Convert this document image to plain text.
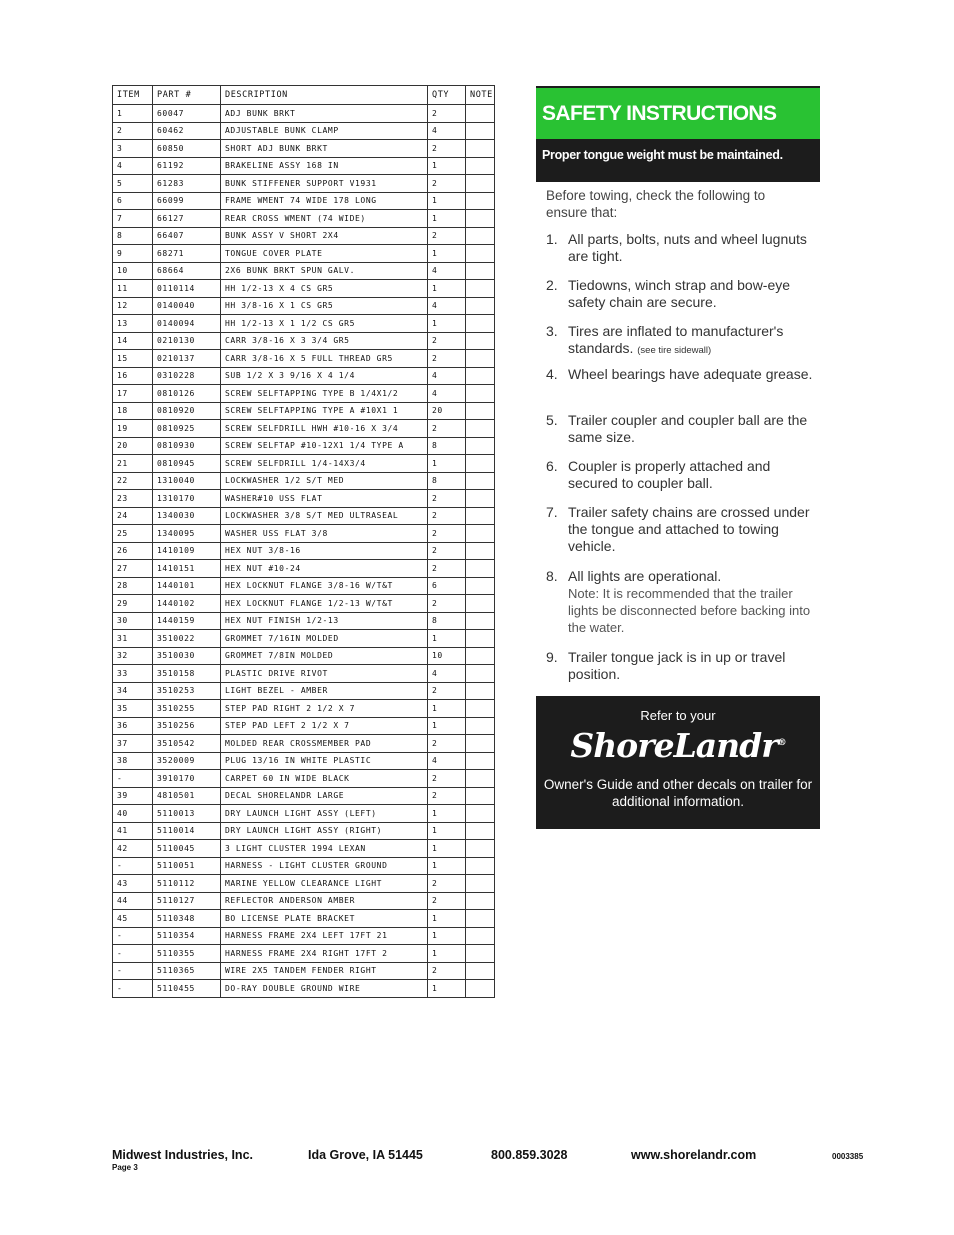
ITEM	PART #	DESCRIPTION	QTY	NOTE
1	60047	ADJ BUNK BRKT	2	
2	60462	ADJUSTABLE BUNK CLAMP	4	
3	60850	SHORT ADJ BUNK BRKT	2	
4	61192	BRAKELINE ASSY 168 IN	1	
5	61283	BUNK STIFFENER SUPPORT V1931	2	
6	66099	FRAME WMENT 74 WIDE 178 LONG	1	
7	66127	REAR CROSS WMENT (74 WIDE)	1	
8	66407	BUNK ASSY V SHORT 2X4	2	
9	68271	TONGUE COVER PLATE	1	
10	68664	2X6 BUNK BRKT SPUN GALV.	4	
11	0110114	HH 1/2-13 X 4 CS GR5	1	
12	0140040	HH 3/8-16 X 1 CS GR5	4	
13	0140094	HH 1/2-13 X 1 1/2 CS GR5	1	
14	0210130	CARR 3/8-16 X 3 3/4 GR5	2	
15	0210137	CARR 3/8-16 X 5 FULL THREAD GR5	2	
16	0310228	SUB 1/2 X 3 9/16 X 4 1/4	4	
17	0810126	SCREW SELFTAPPING TYPE B 1/4X1/2	4	
18	0810920	SCREW SELFTAPPING TYPE A #10X1 1	20	
19	0810925	SCREW SELFDRILL HWH #10-16 X 3/4	2	
20	0810930	SCREW SELFTAP #10-12X1 1/4 TYPE A	8	
21	0810945	SCREW SELFDRILL 1/4-14X3/4	1	
22	1310040	LOCKWASHER 1/2 S/T MED	8	
23	1310170	WASHER#10 USS FLAT	2	
24	1340030	LOCKWASHER 3/8 S/T MED ULTRASEAL	2	
25	1340095	WASHER USS FLAT 3/8	2	
26	1410109	HEX NUT 3/8-16	2	
27	1410151	HEX NUT #10-24	2	
28	1440101	HEX LOCKNUT FLANGE 3/8-16 W/T&T	6	
29	1440102	HEX LOCKNUT FLANGE 1/2-13 W/T&T	2	
30	1440159	HEX NUT FINISH 1/2-13	8	
31	3510022	GROMMET 7/16IN MOLDED	1	
32	3510030	GROMMET 7/8IN MOLDED	10	
33	3510158	PLASTIC DRIVE RIVOT	4	
34	3510253	LIGHT BEZEL - AMBER	2	
35	3510255	STEP PAD RIGHT 2 1/2 X 7	1	
36	3510256	STEP PAD LEFT 2 1/2 X 7	1	
37	3510542	MOLDED REAR CROSSMEMBER PAD	2	
38	3520009	PLUG 13/16 IN WHITE PLASTIC	4	
-	3910170	CARPET 60 IN WIDE BLACK	2	
39	4810501	DECAL SHORELANDR LARGE	2	
40	5110013	DRY LAUNCH LIGHT ASSY (LEFT)	1	
41	5110014	DRY LAUNCH LIGHT ASSY (RIGHT)	1	
42	5110045	3 LIGHT CLUSTER 1994 LEXAN	1	
-	5110051	HARNESS - LIGHT CLUSTER GROUND	1	
43	5110112	MARINE YELLOW CLEARANCE LIGHT	2	
44	5110127	REFLECTOR ANDERSON AMBER	2	
45	5110348	BO LICENSE PLATE BRACKET	1	
-	5110354	HARNESS FRAME 2X4 LEFT 17FT 21	1	
-	5110355	HARNESS FRAME 2X4 RIGHT 17FT 2	1	
-	5110365	WIRE 2X5 TANDEM FENDER RIGHT	2	
-	5110455	DO-RAY DOUBLE GROUND WIRE	1	
SAFETY INSTRUCTIONS
Proper tongue weight must be maintained.
Before towing, check the following to ensure that:
1. All parts, bolts, nuts and wheel lugnuts are tight.
2. Tiedowns, winch strap and bow-eye safety chain are secure.
3. Tires are inflated to manufacturer's standards. (see tire sidewall)
4. Wheel bearings have adequate grease.
5. Trailer coupler and coupler ball are the same size.
6. Coupler is properly attached and secured to coupler ball.
7. Trailer safety chains are crossed under the tongue and attached to towing vehicle.
8. All lights are operational.
Note: It is recommended that the trailer lights be disconnected before backing into the water.
9. Trailer tongue jack is in up or travel position.
Refer to your
ShoreLandr®
Owner's Guide and other decals on trailer for additional information.
Midwest Industries, Inc.	Ida Grove, IA 51445	800.859.3028	www.shorelandr.com	0003385
Page 3
